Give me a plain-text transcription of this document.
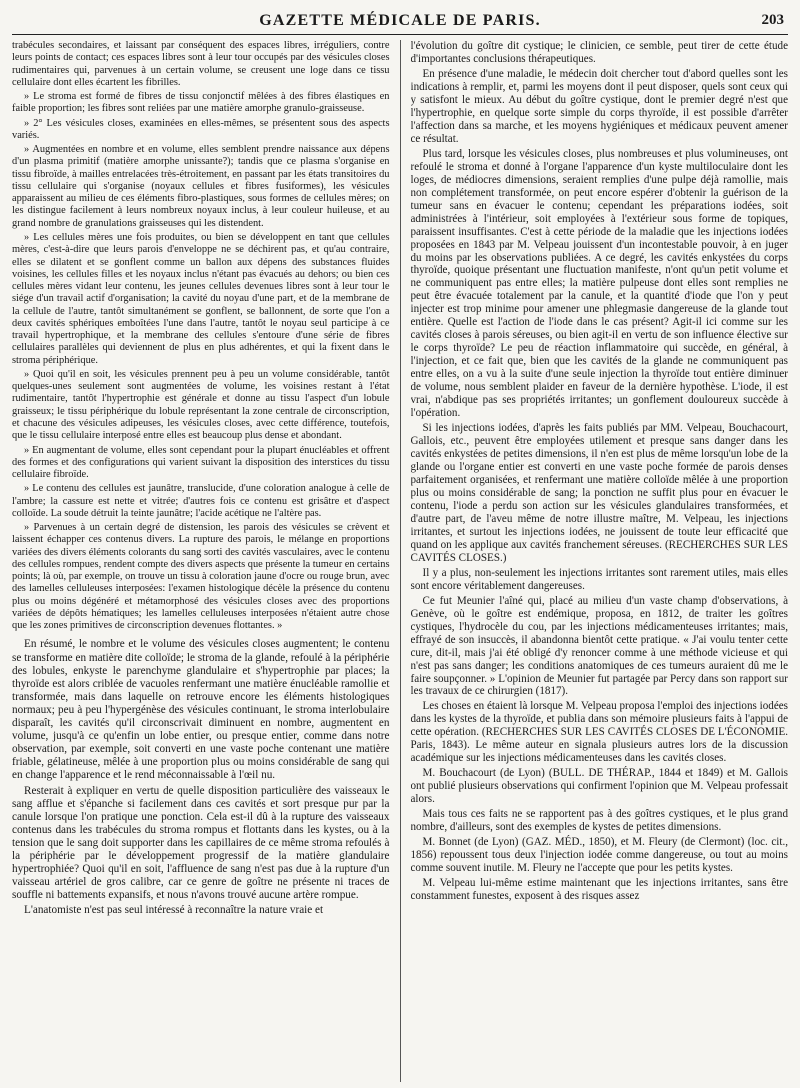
GAZETTE MÉDICALE DE PARIS.	203

trabécules secondaires, et laissant par conséquent des espaces libres, irréguliers, contre leurs points de contact; ces espaces libres sont à leur tour occupés par des vésicules closes rudimentaires qui, parvenues à un certain volume, se creusent une loge dans ce tissu cellulaire dont elles écartent les fibrilles.

» Le stroma est formé de fibres de tissu conjonctif mêlées à des fibres élastiques en faible proportion; les fibres sont reliées par une matière amorphe granulo-graisseuse.

» 2° Les vésicules closes, examinées en elles-mêmes, se présentent sous des aspects variés.

» Augmentées en nombre et en volume, elles semblent prendre naissance aux dépens d'un plasma primitif (matière amorphe unissante?); tandis que ce plasma s'organise en tissu fibroïde, à mailles entrelacées très-étroitement, en passant par les états transitoires du tissu cellulaire qui s'organise (noyaux cellules et fibres fusiformes), les vésicules apparaissent au milieu de ces éléments fibro-plastiques, sous formes de cellules mères; on les distingue facilement à leurs nombreux noyaux inclus, à leur couleur huileuse, et au grand nombre de granulations graisseuses qui les distendent.

» Les cellules mères une fois produites, ou bien se développent en tant que cellules mères, c'est-à-dire que leurs parois d'enveloppe ne se déchirent pas, et qu'au contraire, elles se dilatent et se gonflent comme un ballon aux dépens des substances fluides voisines, les cellules filles et les noyaux inclus n'étant pas évacués au dehors; ou bien ces cellules mères vidant leur contenu, les jeunes cellules devenues libres sont à leur tour le siége d'un travail actif d'organisation; la cavité du noyau d'une part, et de la membrane de la cellule de l'autre, tantôt simultanément se gonflent, se ballonnent, de sorte que l'on a deux cavités sphériques emboîtées l'une dans l'autre, tantôt le noyau seul participe à ce travail hypertrophique, et la membrane des cellules s'entoure d'une série de fibres cellulaires parallèles qui deviennent de plus en plus adhérentes, et qui la fixent dans le stroma périphérique.

» Quoi qu'il en soit, les vésicules prennent peu à peu un volume considérable, tantôt quelques-unes seulement sont augmentées de volume, les voisines restant à l'état rudimentaire, tantôt l'hypertrophie est générale et donne au tissu l'aspect d'un lobule graisseux; le tissu périphérique du lobule représentant la zone centrale de circonscription, et chacune des vésicules adipeuses, les vésicules closes, avec cette différence, toutefois, que le tissu cellulaire interposé entre elles est beaucoup plus dense et abondant.

» En augmentant de volume, elles sont cependant pour la plupart énucléables et offrent des formes et des configurations qui varient suivant la disposition des interstices du tissu cellulaire fibroïde.

» Le contenu des cellules est jaunâtre, translucide, d'une coloration analogue à celle de l'ambre; la cassure est nette et vitrée; d'autres fois ce contenu est grisâtre et d'aspect colloïde. La soude détruit la teinte jaunâtre; l'acide acétique ne l'altère pas.

» Parvenues à un certain degré de distension, les parois des vésicules se crèvent et laissent échapper ces contenus divers. La rupture des parois, le mélange en proportions variées des divers éléments colorants du sang sorti des cavités vasculaires, avec le contenu des cellules rompues, rendent compte des divers aspects que présente la tumeur en certains points; là où, par exemple, on trouve un tissu à coloration jaune d'ocre ou rouge brun, avec des lamelles celluleuses interposées: l'examen histologique décèle la présence du contenu plus ou moins dégénéré et métamorphosé des vésicules closes avec des proportions variées de dépôts hématiques; les lamelles celluleuses interposées n'étaient autre chose que les zones primitives de circonscription devenues flottantes. »

En résumé, le nombre et le volume des vésicules closes augmentent; le contenu se transforme en matière dite colloïde; le stroma de la glande, refoulé à la périphérie des lobules, enkyste le parenchyme glandulaire et s'hypertrophie par places; la thyroïde est alors criblée de vacuoles renfermant une matière énucléable ramollie et transformée, mais dans laquelle on retrouve encore les éléments histologiques normaux; peu à peu l'hypergénèse des vésicules continuant, le stroma interlobulaire disparaît, les cavités qu'il circonscrivait diminuent en nombre, augmentent en volume, jusqu'à ce qu'enfin un lobe entier, ou presque entier, comme dans notre observation, par exemple, soit converti en une vaste poche contenant une matière friable, gélatineuse, mêlée à une proportion plus ou moins considérable de sang qui en change l'apparence et le rend méconnaissable à l'œil nu.

Resterait à expliquer en vertu de quelle disposition particulière des vaisseaux le sang afflue et s'épanche si facilement dans ces cavités et sort presque pur par la canule lorsque l'on pratique une ponction. Cela est-il dû à la rupture des vaisseaux contenus dans les trabécules du stroma rompus et flottants dans les kystes, ou à la tension que le sang doit supporter dans les capillaires de ce même stroma refoulés à la périphérie par le développement progressif de la matière glandulaire hypertrophiée? Quoi qu'il en soit, l'affluence de sang n'est pas due à la rupture d'un vaisseau artériel de gros calibre, car ce genre de goître ne présente ni traces de souffle ni battements expansifs, et nous n'avons trouvé aucune artère rompue.

L'anatomiste n'est pas seul intéressé à reconnaître la nature vraie et

l'évolution du goître dit cystique; le clinicien, ce semble, peut tirer de cette étude d'importantes conclusions thérapeutiques.

En présence d'une maladie, le médecin doit chercher tout d'abord quelles sont les indications à remplir, et, parmi les moyens dont il peut disposer, quels sont ceux qui y satisfont le mieux. Au début du goître cystique, dont le premier degré n'est que l'hypertrophie, en quelque sorte simple du corps thyroïde, il est possible d'arrêter l'affection dans sa marche, et les moyens hygiéniques et médicaux peuvent amener ce résultat.

Plus tard, lorsque les vésicules closes, plus nombreuses et plus volumineuses, ont refoulé le stroma et donné à l'organe l'apparence d'un kyste multiloculaire dont les loges, de médiocres dimensions, seraient remplies d'une pulpe déjà ramollie, mais non complétement transformée, on peut encore espérer d'obtenir la guérison de la tumeur sans en évacuer le contenu; cependant les préparations iodées, soit administrées à l'intérieur, soit employées à l'extérieur sous forme de topiques, paraissent insuffisantes. C'est à cette période de la maladie que les injections iodées proposées en 1843 par M. Velpeau jouissent d'un incontestable pouvoir, à en juger du moins par les observations publiées. A ce degré, les cavités enkystées du corps thyroïde, quoique présentant une fluctuation manifeste, n'ont qu'un petit volume et ne communiquent pas entre elles; la matière pulpeuse dont elles sont remplies ne peut être évacuée totalement par la canule, et la quantité d'iode que l'on y peut injecter est trop minime pour amener une phlegmasie dangereuse de la glande tout entière. Quelle est l'action de l'iode dans le cas présent? Agit-il ici comme sur les cavités closes à parois séreuses, ou bien agit-il en vertu de son influence élective sur le corps thyroïde? Le peu de réaction inflammatoire qui succède, en général, à l'injection, et ce fait que, bien que les cavités de la glande ne communiquent pas entre elles, on a vu à la suite d'une seule injection la thyroïde tout entière diminuer de volume, nous semblent plaider en faveur de la dernière hypothèse. L'iode, il est vrai, n'abdique pas ses propriétés irritantes; un gonflement douloureux succède à l'opération.

Si les injections iodées, d'après les faits publiés par MM. Velpeau, Bouchacourt, Gallois, etc., peuvent être employées utilement et presque sans danger dans les cavités enkystées de petites dimensions, il n'en est plus de même lorsqu'un lobe de la glande ou l'organe entier est converti en une vaste poche formée de parois denses parfaitement organisées, et renfermant une matière colloïde mêlée à une proportion plus ou moins considérable de sang; la ponction ne suffit plus pour en évacuer le contenu, l'iode a perdu son action sur les vésicules glandulaires transformées, et d'autre part, de l'aveu même de notre illustre maître, M. Velpeau, les injections irritantes, et surtout les injections iodées, ne jouissent de toute leur efficacité que quand on les applique aux cavités franchement séreuses. (RECHERCHES SUR LES CAVITÉS CLOSES.)

Il y a plus, non-seulement les injections irritantes sont rarement utiles, mais elles sont encore véritablement dangereuses.

Ce fut Meunier l'aîné qui, placé au milieu d'un vaste champ d'observations, à Genève, où le goître est endémique, proposa, en 1812, de traiter les goîtres cystiques, l'hydrocèle du cou, par les injections médicamenteuses irritantes; mais, effrayé de son insuccès, il abandonna bientôt cette pratique. « J'ai voulu tenter cette cure, dit-il, mais j'ai été obligé d'y renoncer comme à une méthode vicieuse et qui n'est pas sans danger; les conditions anatomiques de ces tumeurs auraient dû me le faire soupçonner. » L'opinion de Meunier fut partagée par Percy dans son rapport sur les travaux de ce chirurgien (1817).

Les choses en étaient là lorsque M. Velpeau proposa l'emploi des injections iodées dans les kystes de la thyroïde, et publia dans son mémoire plusieurs faits à l'appui de cette opération. (RECHERCHES SUR LES CAVITÉS CLOSES DE L'ÉCONOMIE. Paris, 1843). Le même auteur en signala plusieurs autres lors de la discussion académique sur les injections médicamenteuses dans les cavités closes.

M. Bouchacourt (de Lyon) (BULL. DE THÉRAP., 1844 et 1849) et M. Gallois ont publié plusieurs observations qui confirment l'opinion que M. Velpeau professait alors.

Mais tous ces faits ne se rapportent pas à des goîtres cystiques, et le plus grand nombre, d'ailleurs, sont des exemples de kystes de petites dimensions.

M. Bonnet (de Lyon) (GAZ. MÉD., 1850), et M. Fleury (de Clermont) (loc. cit., 1856) repoussent tous deux l'injection iodée comme dangereuse, ou tout au moins comme souvent inutile. M. Fleury ne l'accepte que pour les petits kystes.

M. Velpeau lui-même estime maintenant que les injections irritantes, sans être constamment funestes, exposent à des risques assez
